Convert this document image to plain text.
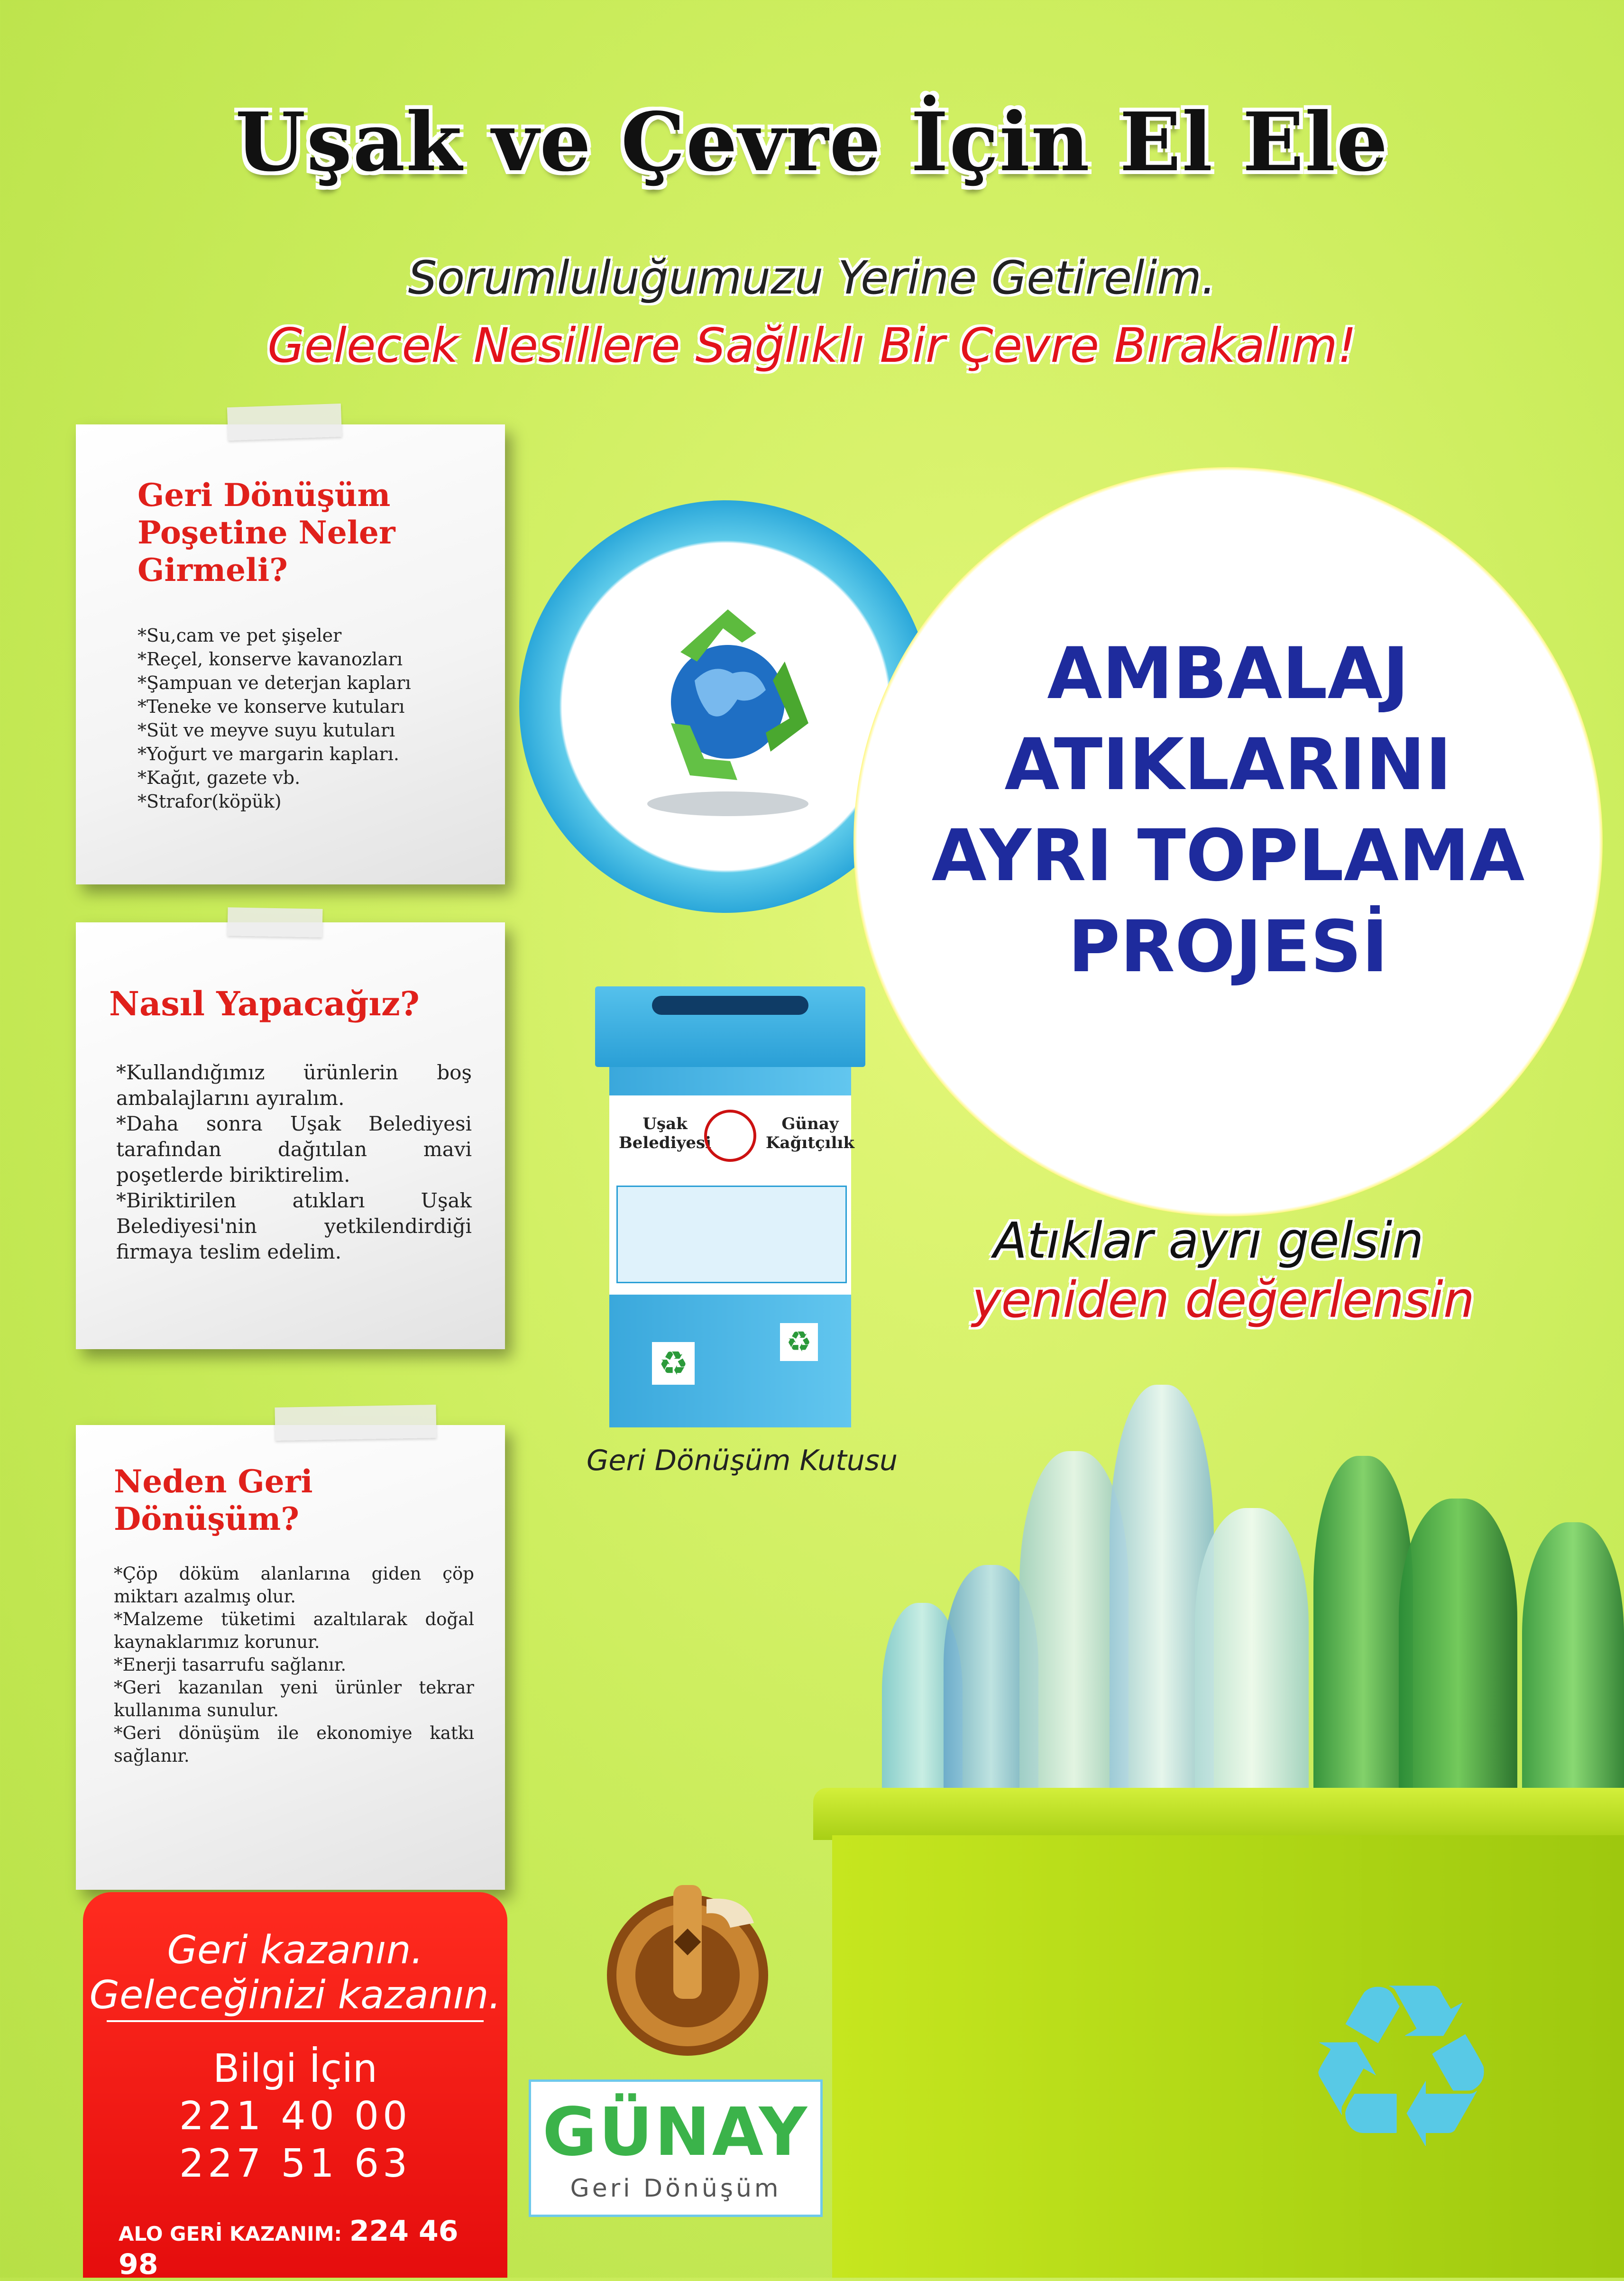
Uşak ve Çevre İçin El Ele
Sorumluluğumuzu Yerine Getirelim.
Gelecek Nesillere Sağlıklı Bir Çevre Bırakalım!
Geri Dönüşüm
Poşetine Neler
Girmeli?
*Su,cam ve pet şişeler
*Reçel, konserve kavanozları
*Şampuan ve deterjan kapları
*Teneke ve konserve kutuları
*Süt ve meyve suyu kutuları
*Yoğurt ve margarin kapları.
*Kağıt, gazete vb.
*Strafor(köpük)
Nasıl Yapacağız?

*Kullandığımız ürünlerin boş ambalajlarını ayıralım.

*Daha sonra Uşak Belediyesi tarafından dağıtılan mavi poşetlerde biriktirelim.

*Biriktirilen atıkları Uşak Belediyesi'nin yetkilendirdiği firmaya teslim edelim.

Neden Geri
Dönüşüm?

*Çöp döküm alanlarına giden çöp miktarı azalmış olur.

*Malzeme tüketimi azaltılarak doğal kaynaklarımız korunur.

*Enerji tasarrufu sağlanır.

*Geri kazanılan yeni ürünler tekrar kullanıma sunulur.

*Geri dönüşüm ile ekonomiye katkı sağlanır.

AMBALAJ
ATIKLARINI
AYRI TOPLAMA
PROJESİ
Uşak
Belediyesi
Günay
Kağıtçılık
♻
♻
Geri Dönüşüm Kutusu
Atıklar ayrı gelsin
yeniden değerlensin
♻
GÜNAY
Geri Dönüşüm
Geri kazanın.
Geleceğinizi kazanın.
Bilgi İçin
221 40 00
227 51 63
ALO GERİ KAZANIM: 224 46 98
